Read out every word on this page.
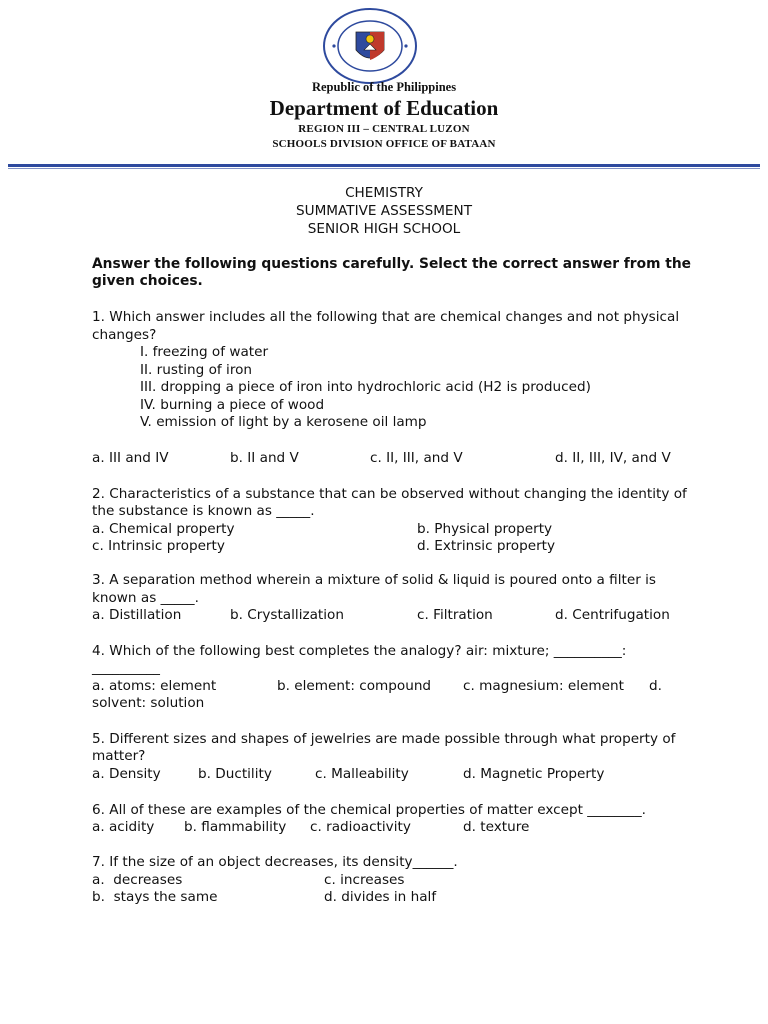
Republic of the Philippines
Department of Education
REGION III – CENTRAL LUZON
SCHOOLS DIVISION OFFICE OF BATAAN
CHEMISTRY
SUMMATIVE ASSESSMENT
SENIOR HIGH SCHOOL
Answer the following questions carefully. Select the correct answer from the
given choices.
1. Which answer includes all the following that are chemical changes and not physical
changes?
I. freezing of water
II. rusting of iron
III. dropping a piece of iron into hydrochloric acid (H2 is produced)
IV. burning a piece of wood
V. emission of light by a kerosene oil lamp
a. III and IV	b. II and V	c. II, III, and V	d. II, III, IV, and V
2. Characteristics of a substance that can be observed without changing the identity of
the substance is known as _____.
a. Chemical property	b. Physical property
c. Intrinsic property	d. Extrinsic property
3. A separation method wherein a mixture of solid & liquid is poured onto a filter is
known as _____.
a. Distillation	b. Crystallization	c. Filtration	d. Centrifugation
4. Which of the following best completes the analogy? air: mixture; __________:
__________
a. atoms: element	b. element: compound c. magnesium: element d.
solvent: solution
5. Different sizes and shapes of jewelries are made possible through what property of
matter?
a. Density	b. Ductility	c. Malleability	d. Magnetic Property
6. All of these are examples of the chemical properties of matter except ________.
a. acidity b. flammability c. radioactivity	d. texture
7. If the size of an object decreases, its density______.
a.  decreases	c. increases
b.  stays the same	d. divides in half
